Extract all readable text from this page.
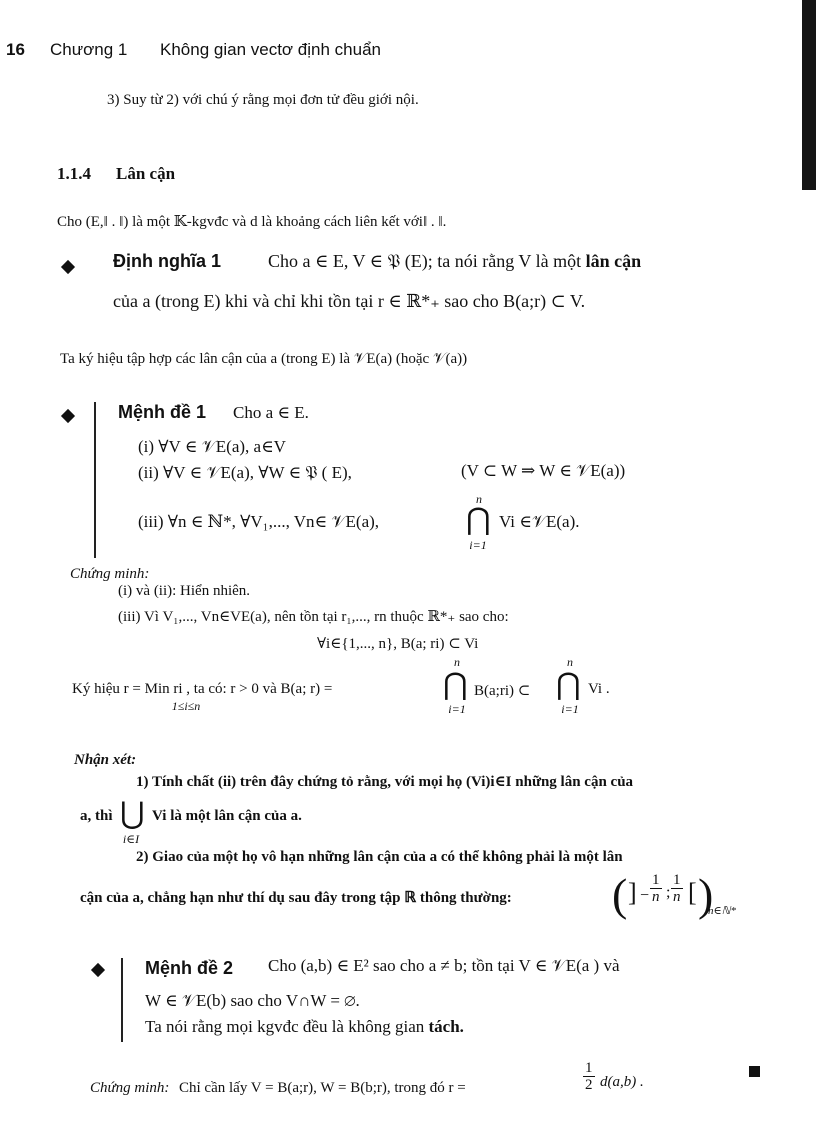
16 Chương 1 Không gian vectơ định chuẩn
3) Suy từ 2) với chú ý rằng mọi đơn tử đều giới nội.
1.1.4 Lân cận
Cho (E,‖ . ‖) là một 𝕂-kgvđc và d là khoảng cách liên kết với‖ . ‖.
Định nghĩa 1	Cho a ∈ E, V ∈ 𝔓 (E); ta nói rằng V là một lân cận
của a (trong E) khi và chỉ khi tồn tại r ∈ ℝ*₊ sao cho B(a;r) ⊂ V.
Ta ký hiệu tập hợp các lân cận của a (trong E) là 𝒱E(a) (hoặc 𝒱(a))
Mệnh đề 1 Cho a ∈ E.
(i) ∀V ∈ 𝒱E(a), a∈V
(ii) ∀V ∈ 𝒱E(a), ∀W ∈ 𝔓 ( E),	(V ⊂ W ⇒ W ∈ 𝒱E(a))
(iii) ∀n ∈ ℕ*, ∀V₁,..., Vn∈ 𝒱E(a),
n
⋂
i=1
Vi ∈𝒱E(a).
Chứng minh:
(i) và (ii): Hiển nhiên.
(iii) Vì V₁,..., Vn∈VE(a), nên tồn tại r₁,..., rn thuộc ℝ*₊ sao cho:
∀i∈{1,..., n}, B(a; ri) ⊂ Vi
Ký hiệu r = Min ri , ta có: r > 0 và B(a; r) =
1≤i≤n
n
⋂
i=1
B(a;ri) ⊂
n
⋂
i=1
Vi .
Nhận xét:
1) Tính chất (ii) trên đây chứng tỏ rằng, với mọi họ (Vi)i∈I những lân cận của
a, thì ⋃
i∈I
Vi là một lân cận của a.
2) Giao của một họ vô hạn những lân cận của a có thể không phải là một lân
cận của a, chẳng hạn như thí dụ sau đây trong tập ℝ thông thường: ( ] − $\frac{1}{n}$ ; $\frac{1}{n}$ [ )
n∈ℕ*
Mệnh đề 2 Cho (a,b) ∈ E² sao cho a ≠ b; tồn tại V ∈ 𝒱E(a ) và
W ∈ 𝒱E(b) sao cho V∩W = ∅.
Ta nói rằng mọi kgvđc đều là không gian tách.
Chứng minh: Chỉ cần lấy V = B(a;r), W = B(b;r), trong đó r =	$\frac{1}{2} d(a,b)$ .
